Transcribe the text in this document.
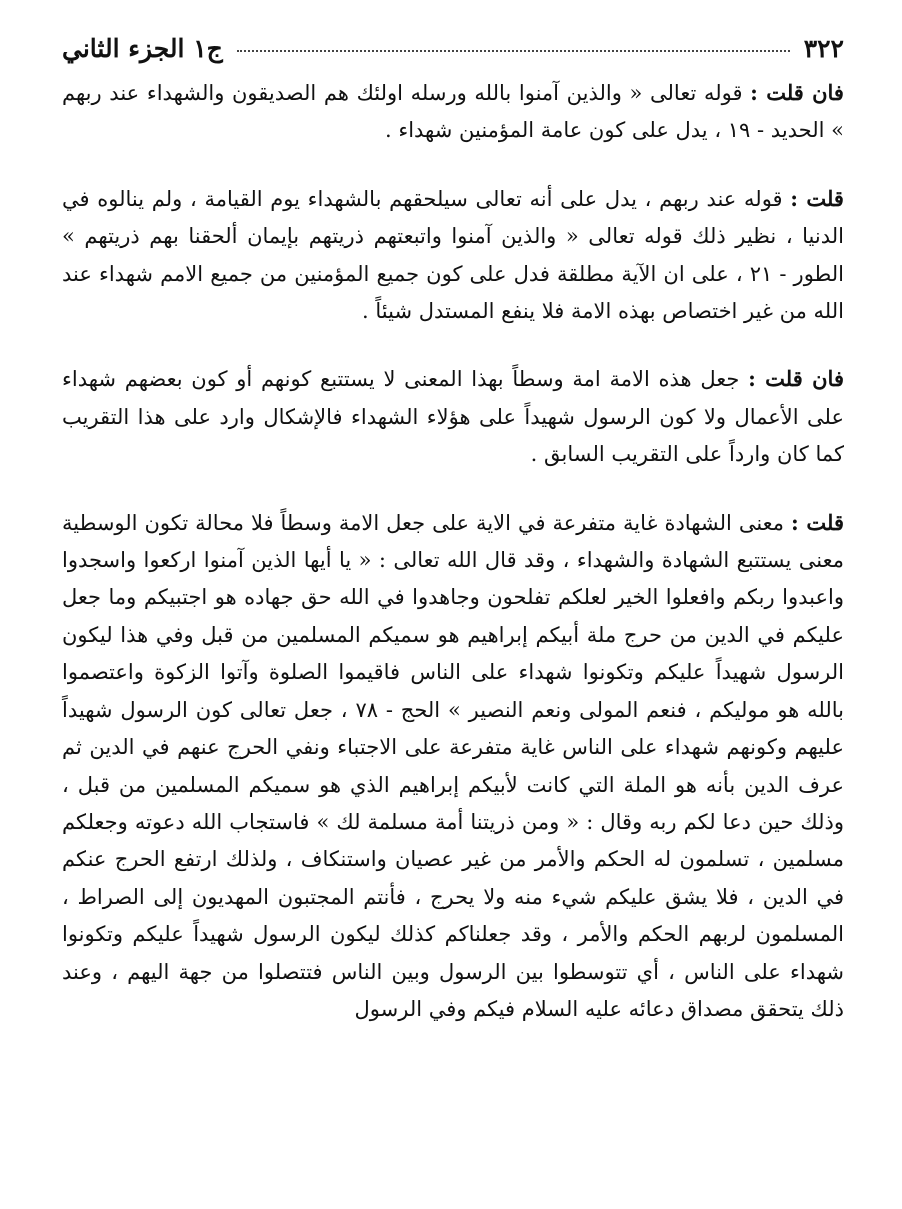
٣٢٢
ج١ الجزء الثاني

فان قلت : قوله تعالى « والذين آمنوا بالله ورسله اولئك هم الصديقون والشهداء عند ربهم » الحديد - ١٩ ، يدل على كون عامة المؤمنين شهداء .

قلت : قوله عند ربهم ، يدل على أنه تعالى سيلحقهم بالشهداء يوم القيامة ، ولم ينالوه في الدنيا ، نظير ذلك قوله تعالى « والذين آمنوا واتبعتهم ذريتهم بإيمان ألحقنا بهم ذريتهم » الطور - ٢١ ، على ان الآية مطلقة فدل على كون جميع المؤمنين من جميع الامم شهداء عند الله من غير اختصاص بهذه الامة فلا ينفع المستدل شيئاً .

فان قلت : جعل هذه الامة امة وسطاً بهذا المعنى لا يستتبع كونهم أو كون بعضهم شهداء على الأعمال ولا كون الرسول شهيداً على هؤلاء الشهداء فالإشكال وارد على هذا التقريب كما كان وارداً على التقريب السابق .

قلت : معنى الشهادة غاية متفرعة في الاية على جعل الامة وسطاً فلا محالة تكون الوسطية معنى يستتبع الشهادة والشهداء ، وقد قال الله تعالى : « يا أيها الذين آمنوا اركعوا واسجدوا واعبدوا ربكم وافعلوا الخير لعلكم تفلحون وجاهدوا في الله حق جهاده هو اجتبيكم وما جعل عليكم في الدين من حرج ملة أبيكم إبراهيم هو سميكم المسلمين من قبل وفي هذا ليكون الرسول شهيداً عليكم وتكونوا شهداء على الناس فاقيموا الصلوة وآتوا الزكوة واعتصموا بالله هو موليكم ، فنعم المولى ونعم النصير » الحج - ٧٨ ، جعل تعالى كون الرسول شهيداً عليهم وكونهم شهداء على الناس غاية متفرعة على الاجتباء ونفي الحرج عنهم في الدين ثم عرف الدين بأنه هو الملة التي كانت لأبيكم إبراهيم الذي هو سميكم المسلمين من قبل ، وذلك حين دعا لكم ربه وقال : « ومن ذريتنا أمة مسلمة لك » فاستجاب الله دعوته وجعلكم مسلمين ، تسلمون له الحكم والأمر من غير عصيان واستنكاف ، ولذلك ارتفع الحرج عنكم في الدين ، فلا يشق عليكم شيء منه ولا يحرج ، فأنتم المجتبون المهديون إلى الصراط ، المسلمون لربهم الحكم والأمر ، وقد جعلناكم كذلك ليكون الرسول شهيداً عليكم وتكونوا شهداء على الناس ، أي تتوسطوا بين الرسول وبين الناس فتتصلوا من جهة اليهم ، وعند ذلك يتحقق مصداق دعائه عليه السلام فيكم وفي الرسول
